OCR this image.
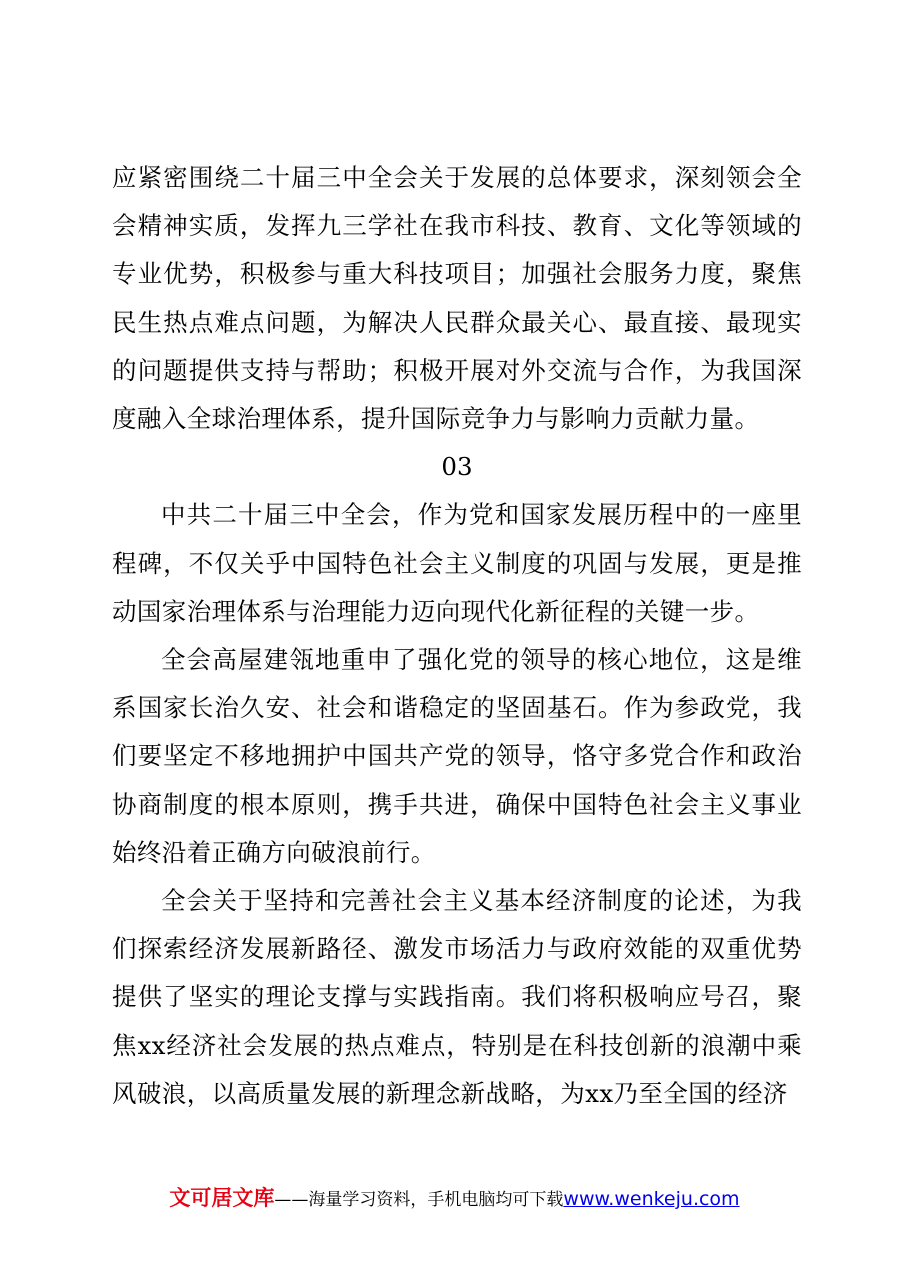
应紧密围绕二十届三中全会关于发展的总体要求，深刻领会全会精神实质，发挥九三学社在我市科技、教育、文化等领域的专业优势，积极参与重大科技项目；加强社会服务力度，聚焦民生热点难点问题，为解决人民群众最关心、最直接、最现实的问题提供支持与帮助；积极开展对外交流与合作，为我国深度融入全球治理体系，提升国际竞争力与影响力贡献力量。

03

中共二十届三中全会，作为党和国家发展历程中的一座里程碑，不仅关乎中国特色社会主义制度的巩固与发展，更是推动国家治理体系与治理能力迈向现代化新征程的关键一步。

全会高屋建瓴地重申了强化党的领导的核心地位，这是维系国家长治久安、社会和谐稳定的坚固基石。作为参政党，我们要坚定不移地拥护中国共产党的领导，恪守多党合作和政治协商制度的根本原则，携手共进，确保中国特色社会主义事业始终沿着正确方向破浪前行。

全会关于坚持和完善社会主义基本经济制度的论述，为我们探索经济发展新路径、激发市场活力与政府效能的双重优势提供了坚实的理论支撑与实践指南。我们将积极响应号召，聚焦xx经济社会发展的热点难点，特别是在科技创新的浪潮中乘风破浪，以高质量发展的新理念新战略，为xx乃至全国的经济

文可居文库——海量学习资料，手机电脑均可下载www.wenkeju.com
